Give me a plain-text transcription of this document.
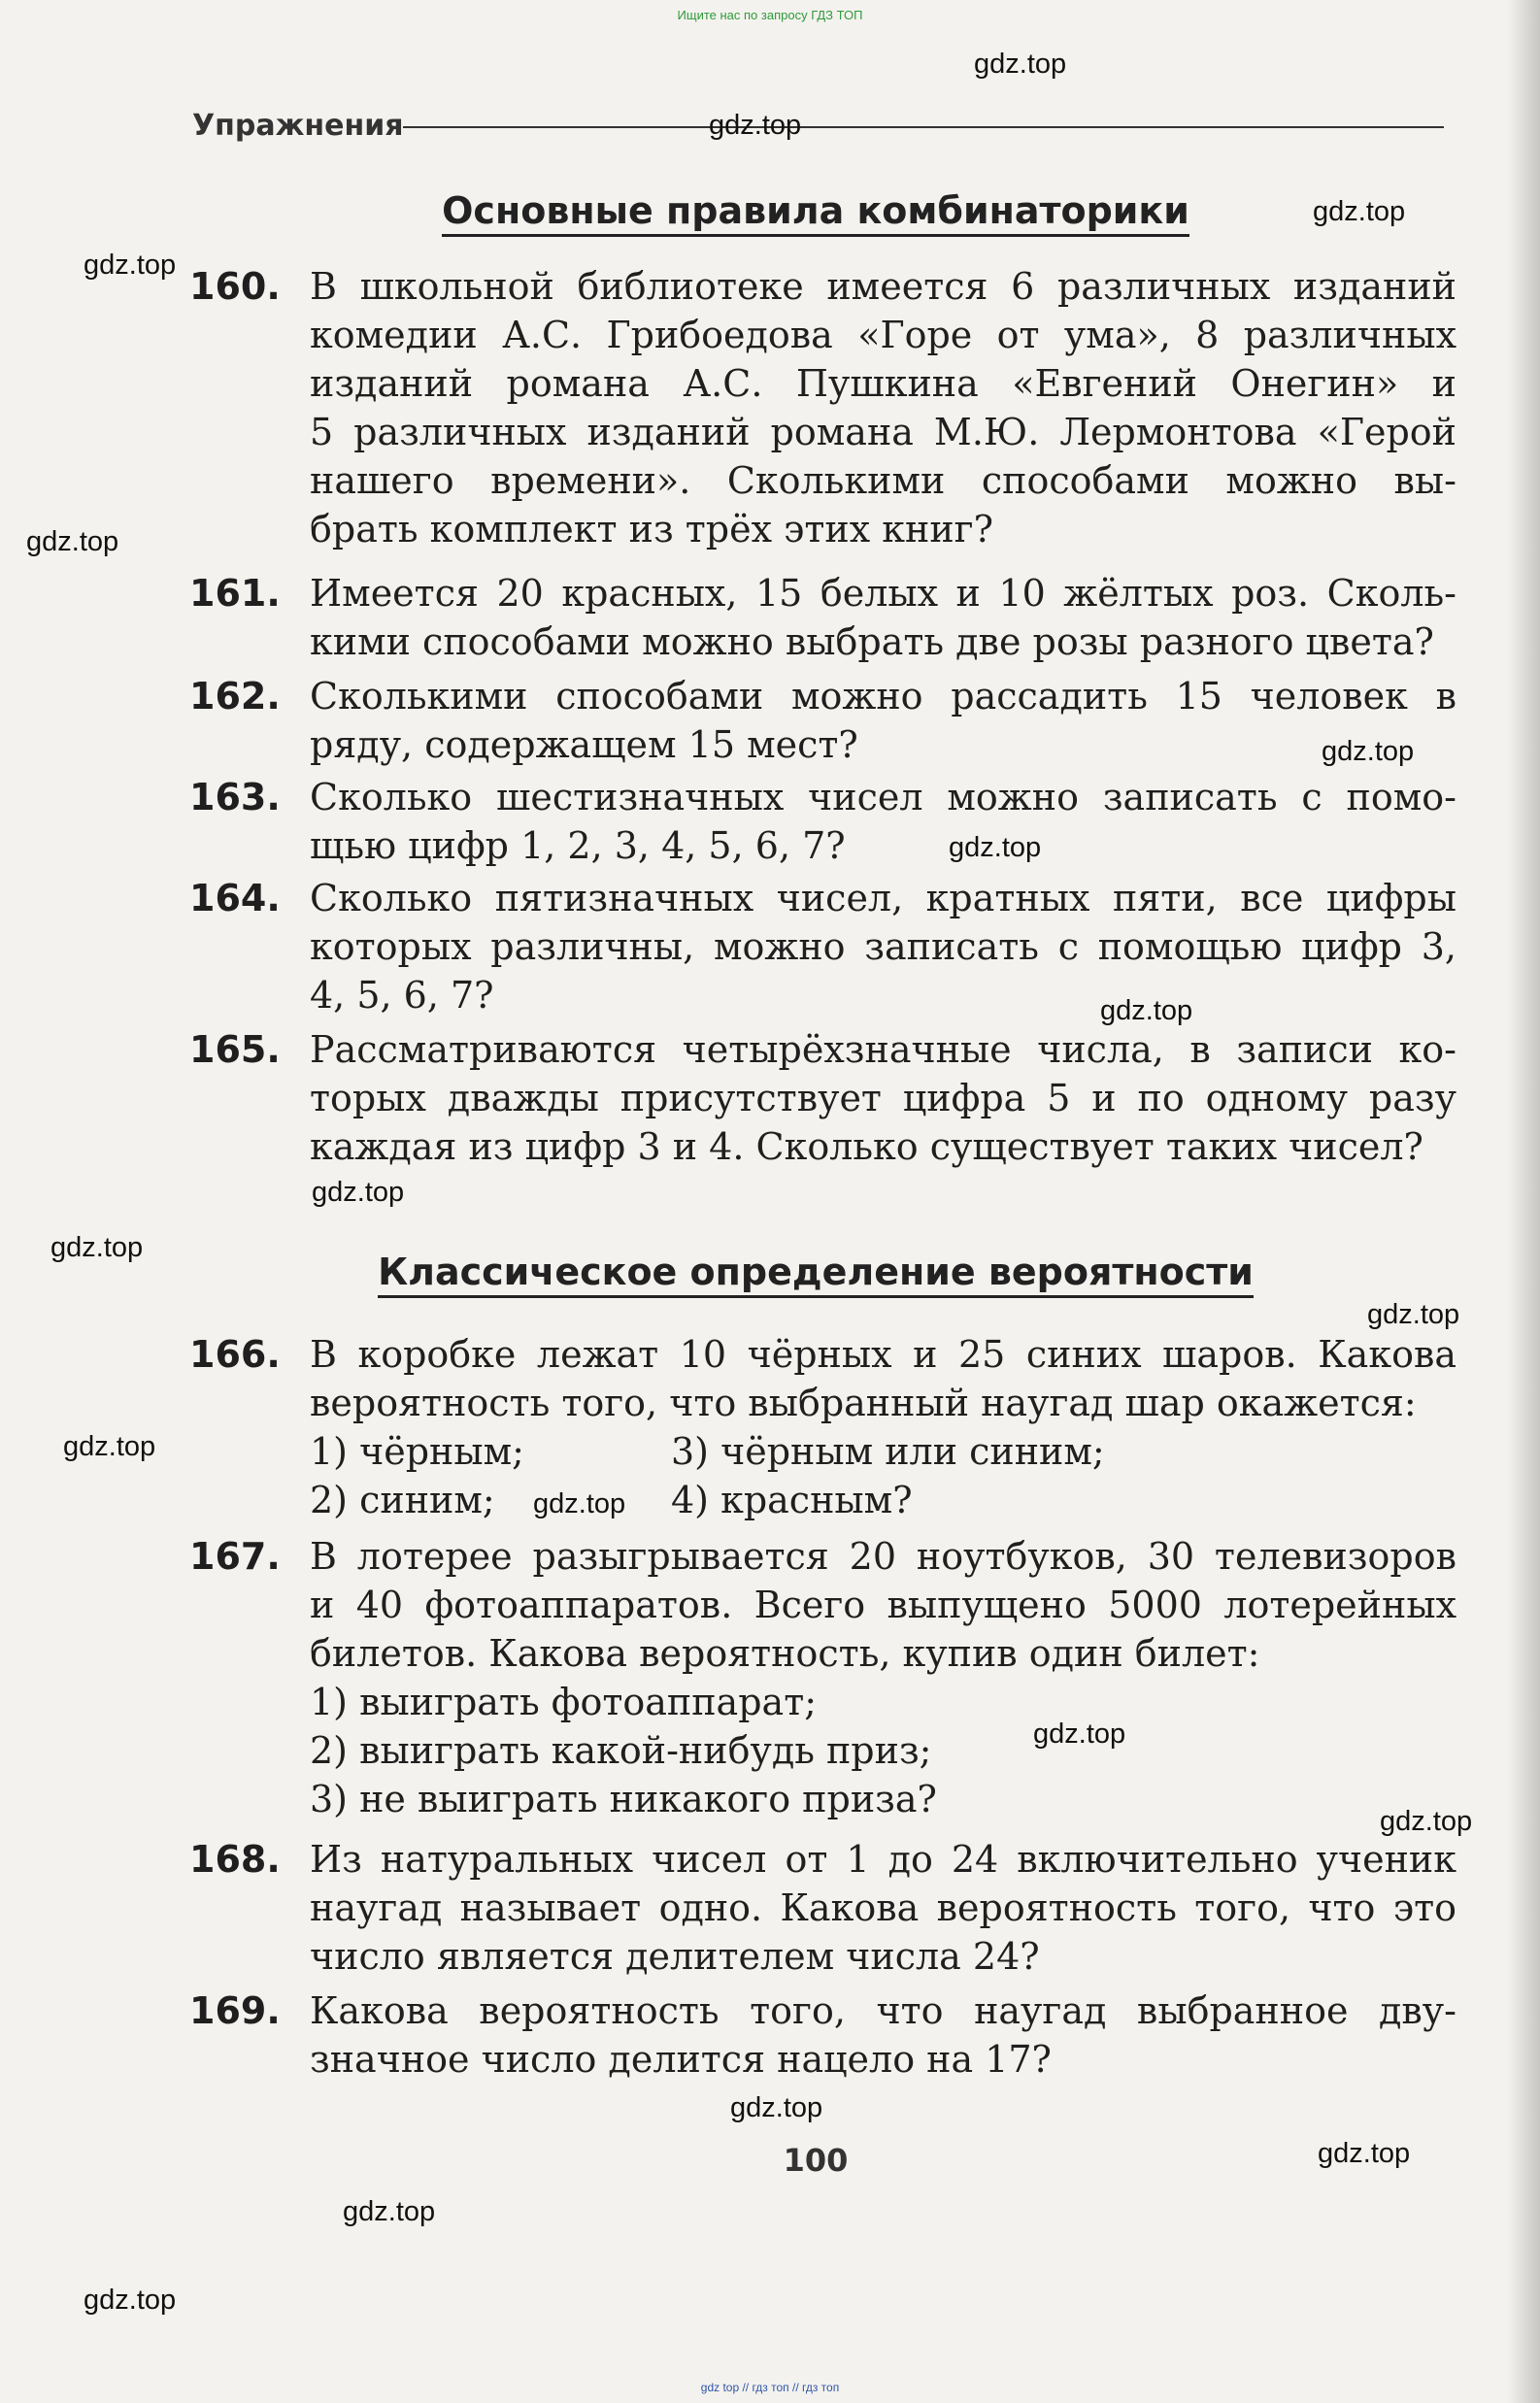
Ищите нас по запросу ГДЗ ТОП
Упражнения
Основные правила комбинаторики
160. В школьной библиотеке имеется 6 различных изданий
комедии А.С. Грибоедова «Горе от ума», 8 различных
изданий романа А.С. Пушкина «Евгений Онегин» и
5 различных изданий романа М.Ю. Лермонтова «Герой
нашего времени». Сколькими способами можно вы-
брать комплект из трёх этих книг?
161. Имеется 20 красных, 15 белых и 10 жёлтых роз. Сколь-
кими способами можно выбрать две розы разного цвета?
162. Сколькими способами можно рассадить 15 человек в
ряду, содержащем 15 мест?
163. Сколько шестизначных чисел можно записать с помо-
щью цифр 1, 2, 3, 4, 5, 6, 7?
164. Сколько пятизначных чисел, кратных пяти, все цифры
которых различны, можно записать с помощью цифр 3,
4, 5, 6, 7?
165. Рассматриваются четырёхзначные числа, в записи ко-
торых дважды присутствует цифра 5 и по одному разу
каждая из цифр 3 и 4. Сколько существует таких чисел?
Классическое определение вероятности
166. В коробке лежат 10 чёрных и 25 синих шаров. Какова
вероятность того, что выбранный наугад шар окажется:
1) чёрным;	3) чёрным или синим;
2) синим;	4) красным?
167. В лотерее разыгрывается 20 ноутбуков, 30 телевизоров
и 40 фотоаппаратов. Всего выпущено 5000 лотерейных
билетов. Какова вероятность, купив один билет:
1) выиграть фотоаппарат;
2) выиграть какой-нибудь приз;
3) не выиграть никакого приза?
168. Из натуральных чисел от 1 до 24 включительно ученик
наугад называет одно. Какова вероятность того, что это
число является делителем числа 24?
169. Какова вероятность того, что наугад выбранное дву-
значное число делится нацело на 17?
100
gdz.top
gdz.top
gdz.top
gdz.top
gdz.top
gdz.top
gdz.top
gdz.top
gdz.top
gdz.top
gdz.top
gdz.top
gdz.top
gdz.top
gdz.top
gdz.top
gdz.top
gdz.top
gdz.top
gdz top // гдз топ // гдз топ
